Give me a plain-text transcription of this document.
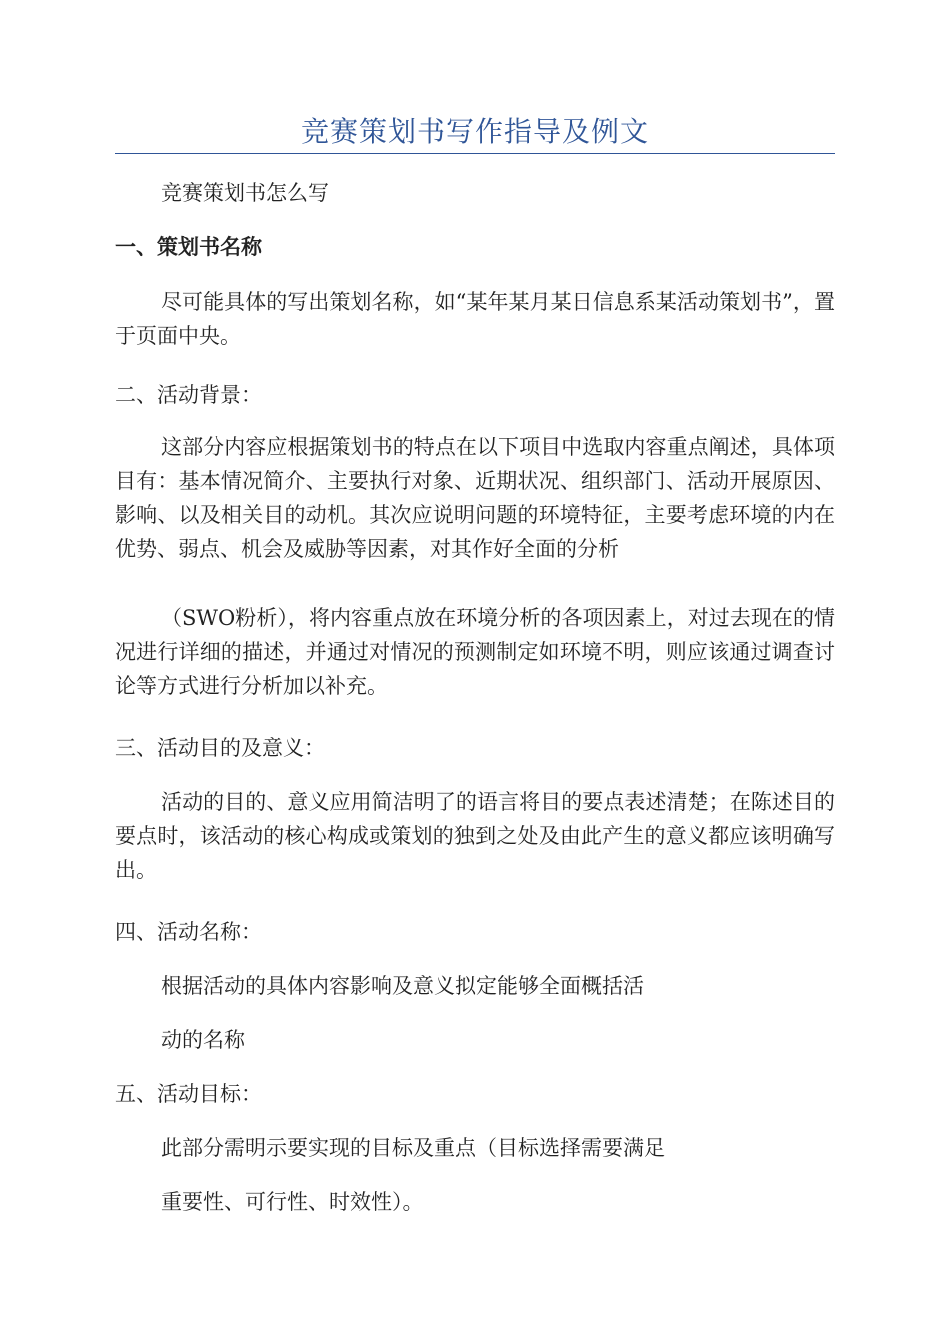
竞赛策划书写作指导及例文

竞赛策划书怎么写

一、策划书名称

尽可能具体的写出策划名称，如“某年某月某日信息系某活动策划书”，置于页面中央。

二、活动背景：

这部分内容应根据策划书的特点在以下项目中选取内容重点阐述，具体项目有：基本情况简介、主要执行对象、近期状况、组织部门、活动开展原因、影响、以及相关目的动机。其次应说明问题的环境特征，主要考虑环境的内在优势、弱点、机会及威胁等因素，对其作好全面的分析

（SWO粉析），将内容重点放在环境分析的各项因素上，对过去现在的情况进行详细的描述，并通过对情况的预测制定如环境不明，则应该通过调查讨论等方式进行分析加以补充。

三、活动目的及意义：

活动的目的、意义应用简洁明了的语言将目的要点表述清楚；在陈述目的要点时，该活动的核心构成或策划的独到之处及由此产生的意义都应该明确写出。

四、活动名称：

根据活动的具体内容影响及意义拟定能够全面概括活

动的名称

五、活动目标：

此部分需明示要实现的目标及重点（目标选择需要满足

重要性、可行性、时效性）。
